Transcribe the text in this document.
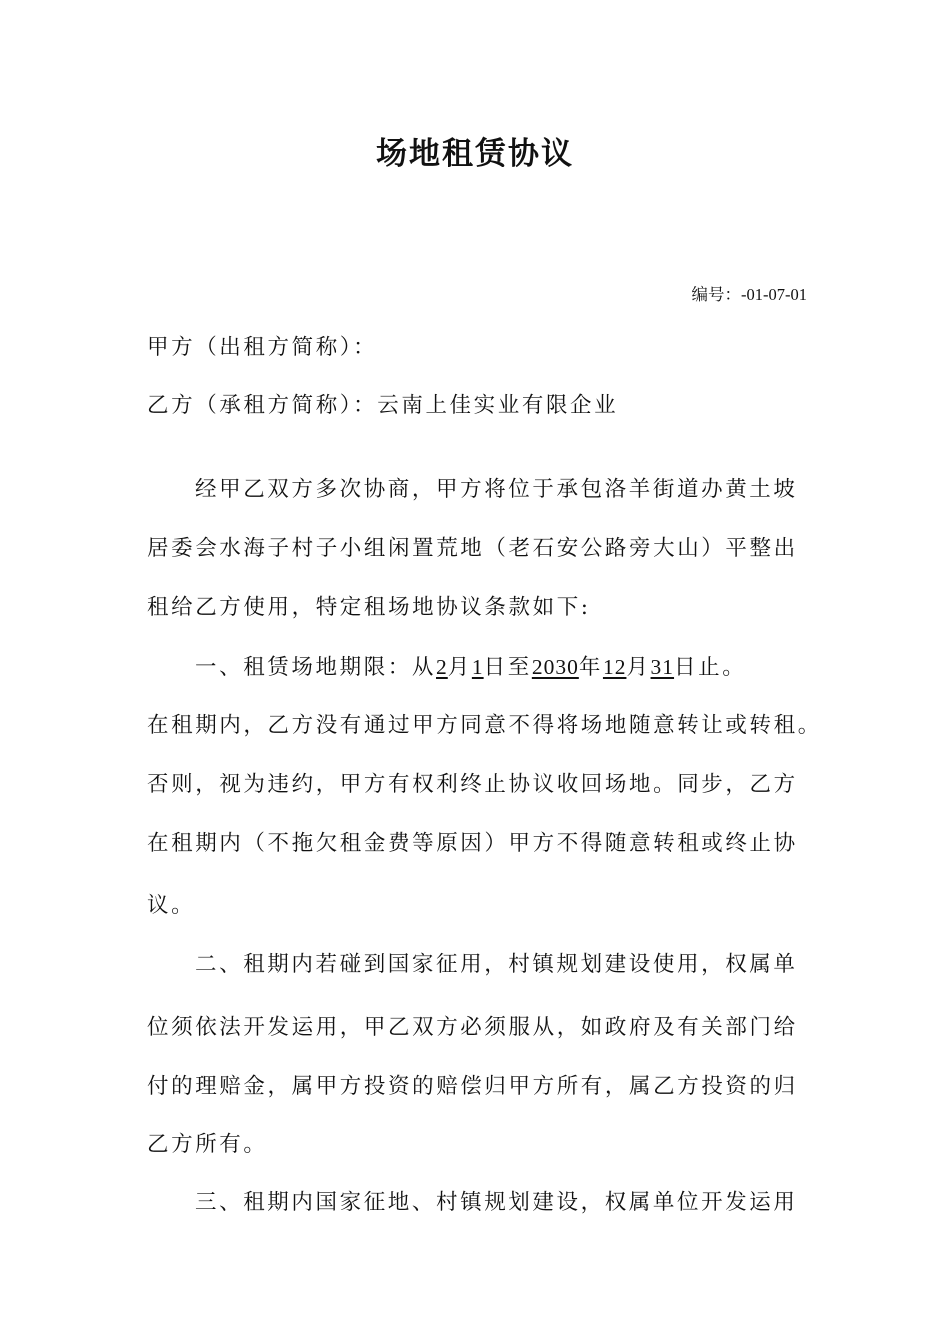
场地租赁协议
编号：-01-07-01
甲方（出租方简称）：
乙方（承租方简称）：云南上佳实业有限企业
经甲乙双方多次协商，甲方将位于承包洛羊街道办黄土坡
居委会水海子村子小组闲置荒地（老石安公路旁大山）平整出
租给乙方使用，特定租场地协议条款如下:
一、租赁场地期限：从2月1日至2030年12月31日止。
在租期内，乙方没有通过甲方同意不得将场地随意转让或转租。
否则，视为违约，甲方有权利终止协议收回场地。同步，乙方
在租期内（不拖欠租金费等原因）甲方不得随意转租或终止协
议。
二、租期内若碰到国家征用，村镇规划建设使用，权属单
位须依法开发运用，甲乙双方必须服从，如政府及有关部门给
付的理赔金，属甲方投资的赔偿归甲方所有，属乙方投资的归
乙方所有。
三、租期内国家征地、村镇规划建设，权属单位开发运用
